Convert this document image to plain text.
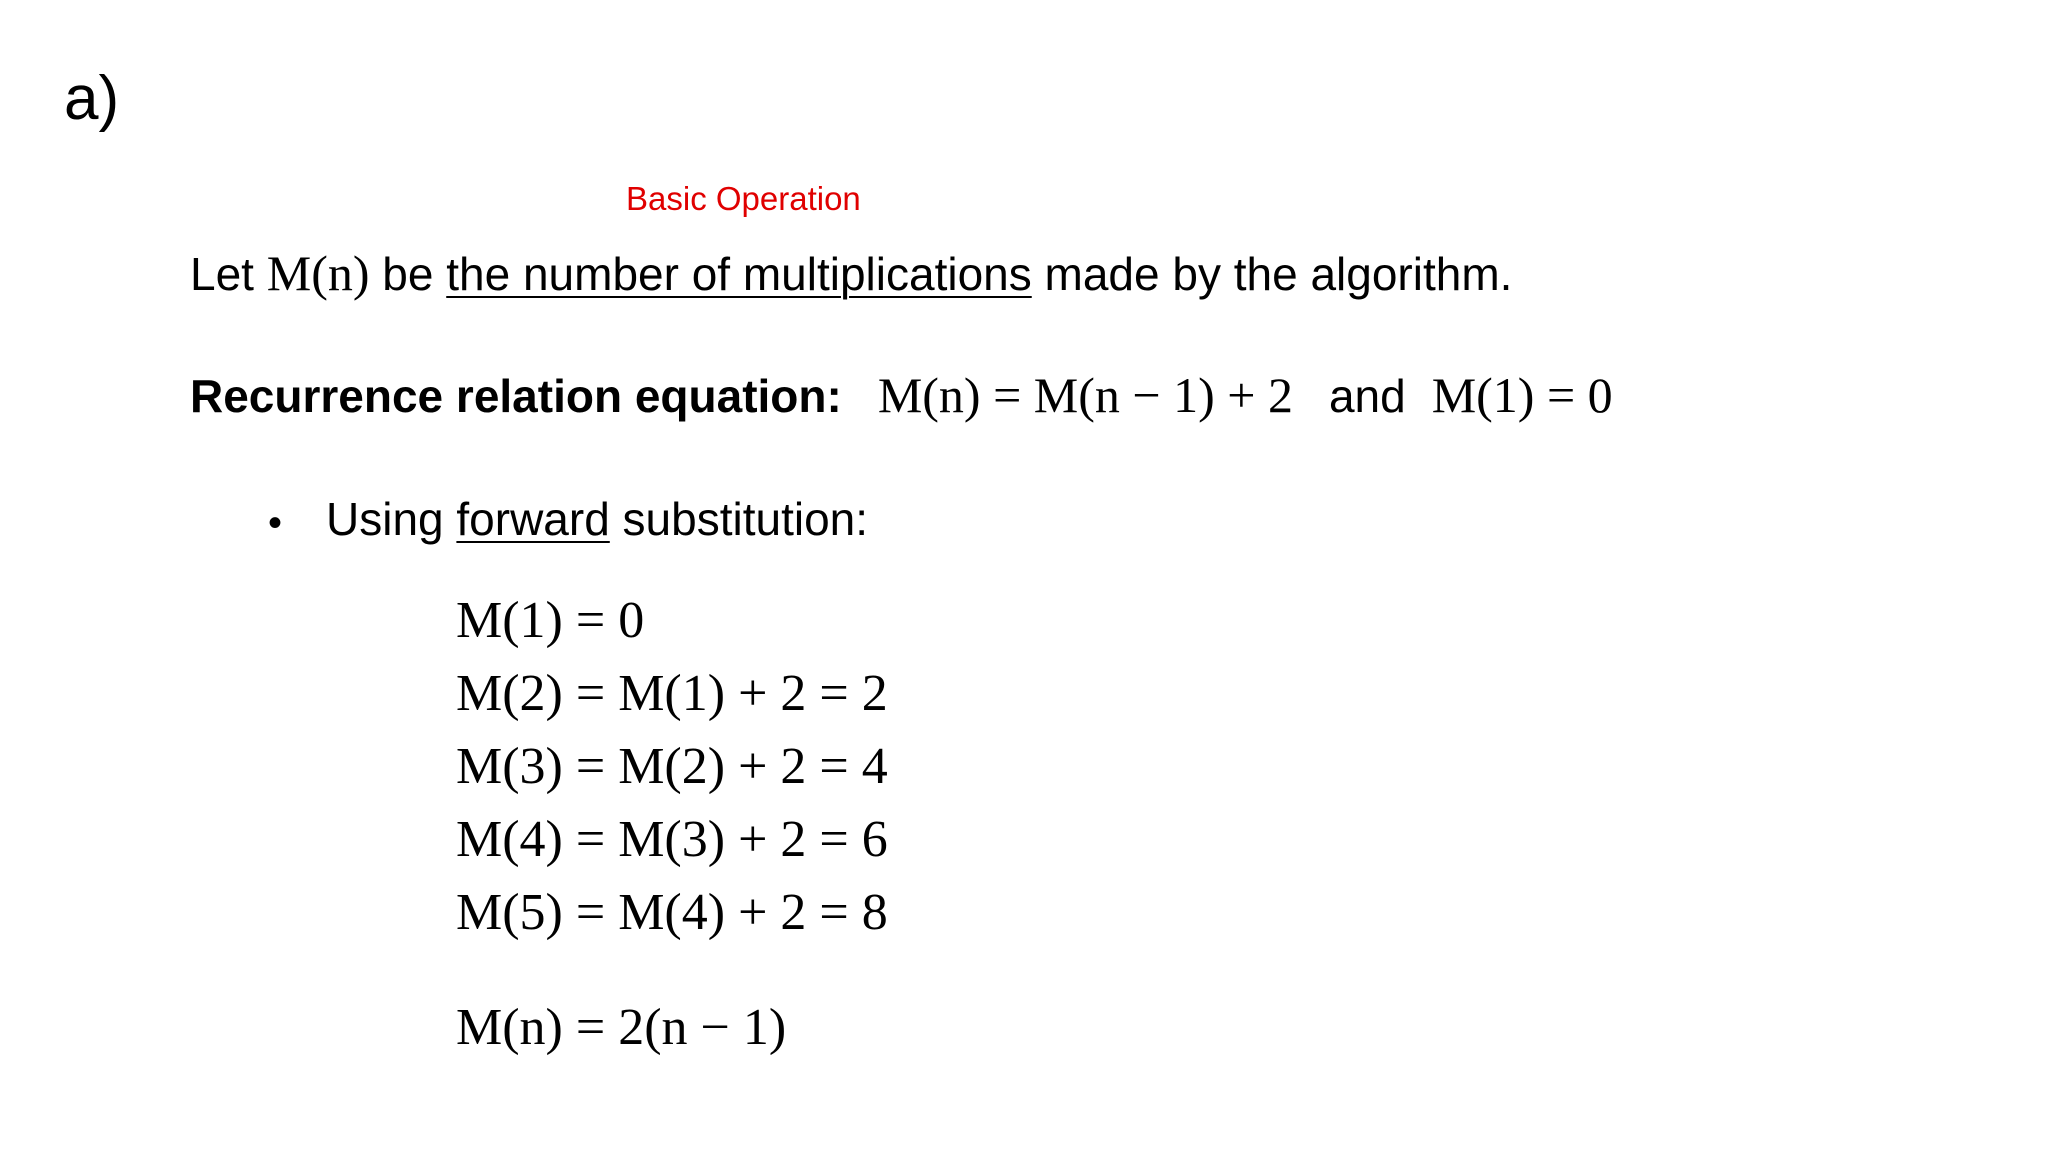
a)
Basic Operation
Let M(n) be the number of multiplications made by the algorithm.
Recurrence relation equation: M(n) = M(n − 1) + 2 and M(1) = 0
• Using forward substitution:
M(1) = 0
M(2) = M(1) + 2 = 2
M(3) = M(2) + 2 = 4
M(4) = M(3) + 2 = 6
M(5) = M(4) + 2 = 8
M(n) = 2(n − 1)
